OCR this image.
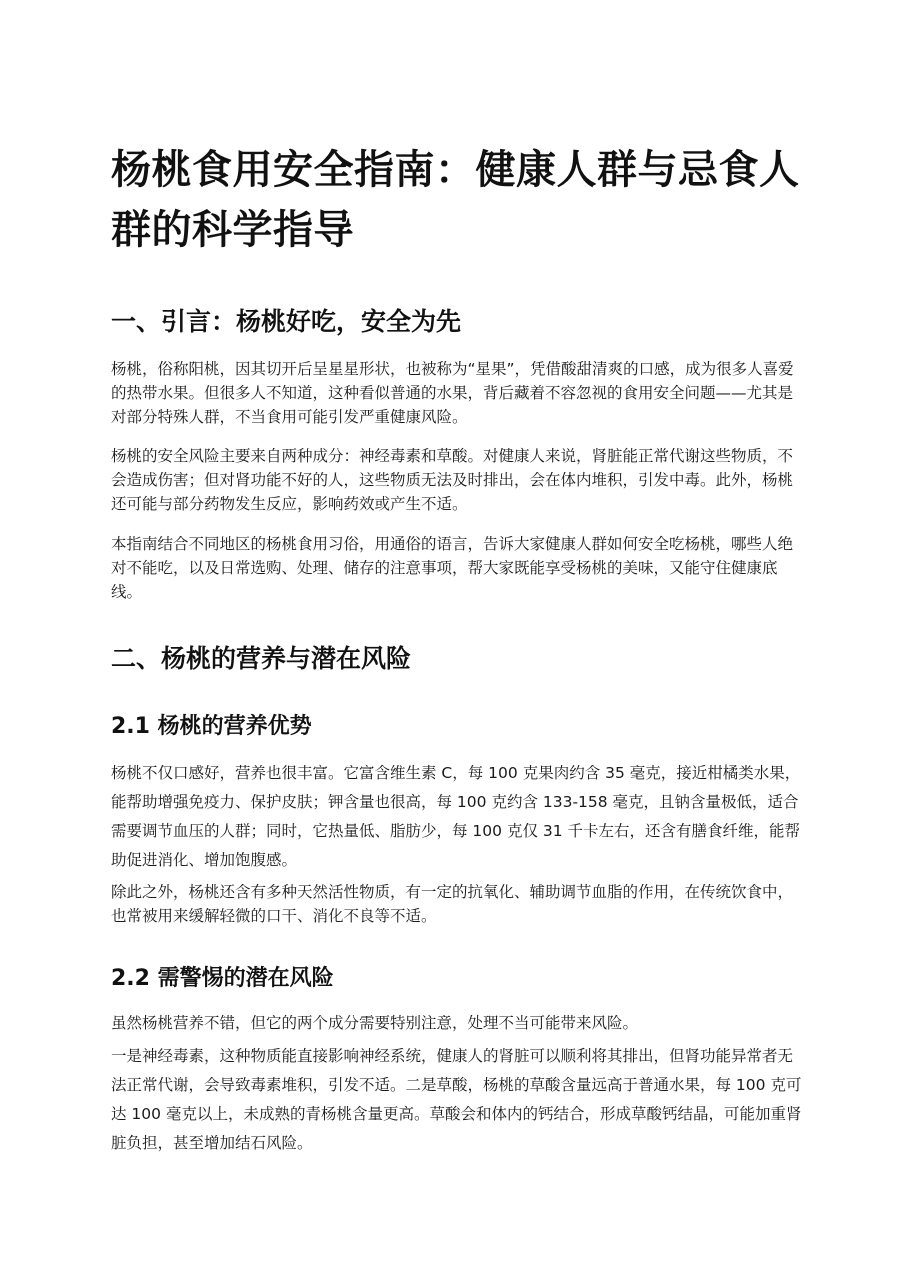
杨桃食用安全指南：健康人群与忌食人群的科学指导
一、引言：杨桃好吃，安全为先

杨桃，俗称阳桃，因其切开后呈星星形状，也被称为“星果”，凭借酸甜清爽的口感，成为很多人喜爱的热带水果。但很多人不知道，这种看似普通的水果，背后藏着不容忽视的食用安全问题——尤其是对部分特殊人群，不当食用可能引发严重健康风险。

杨桃的安全风险主要来自两种成分：神经毒素和草酸。对健康人来说，肾脏能正常代谢这些物质，不会造成伤害；但对肾功能不好的人，这些物质无法及时排出，会在体内堆积，引发中毒。此外，杨桃还可能与部分药物发生反应，影响药效或产生不适。

本指南结合不同地区的杨桃食用习俗，用通俗的语言，告诉大家健康人群如何安全吃杨桃，哪些人绝对不能吃，以及日常选购、处理、储存的注意事项，帮大家既能享受杨桃的美味，又能守住健康底线。

二、杨桃的营养与潜在风险
2.1 杨桃的营养优势

杨桃不仅口感好，营养也很丰富。它富含维生素 C，每 100 克果肉约含 35 毫克，接近柑橘类水果，能帮助增强免疫力、保护皮肤；钾含量也很高，每 100 克约含 133-158 毫克，且钠含量极低，适合需要调节血压的人群；同时，它热量低、脂肪少，每 100 克仅 31 千卡左右，还含有膳食纤维，能帮助促进消化、增加饱腹感。

除此之外，杨桃还含有多种天然活性物质，有一定的抗氧化、辅助调节血脂的作用，在传统饮食中，也常被用来缓解轻微的口干、消化不良等不适。

2.2 需警惕的潜在风险

虽然杨桃营养不错，但它的两个成分需要特别注意，处理不当可能带来风险。

一是神经毒素，这种物质能直接影响神经系统，健康人的肾脏可以顺利将其排出，但肾功能异常者无法正常代谢，会导致毒素堆积，引发不适。二是草酸，杨桃的草酸含量远高于普通水果，每 100 克可达 100 毫克以上，未成熟的青杨桃含量更高。草酸会和体内的钙结合，形成草酸钙结晶，可能加重肾脏负担，甚至增加结石风险。
